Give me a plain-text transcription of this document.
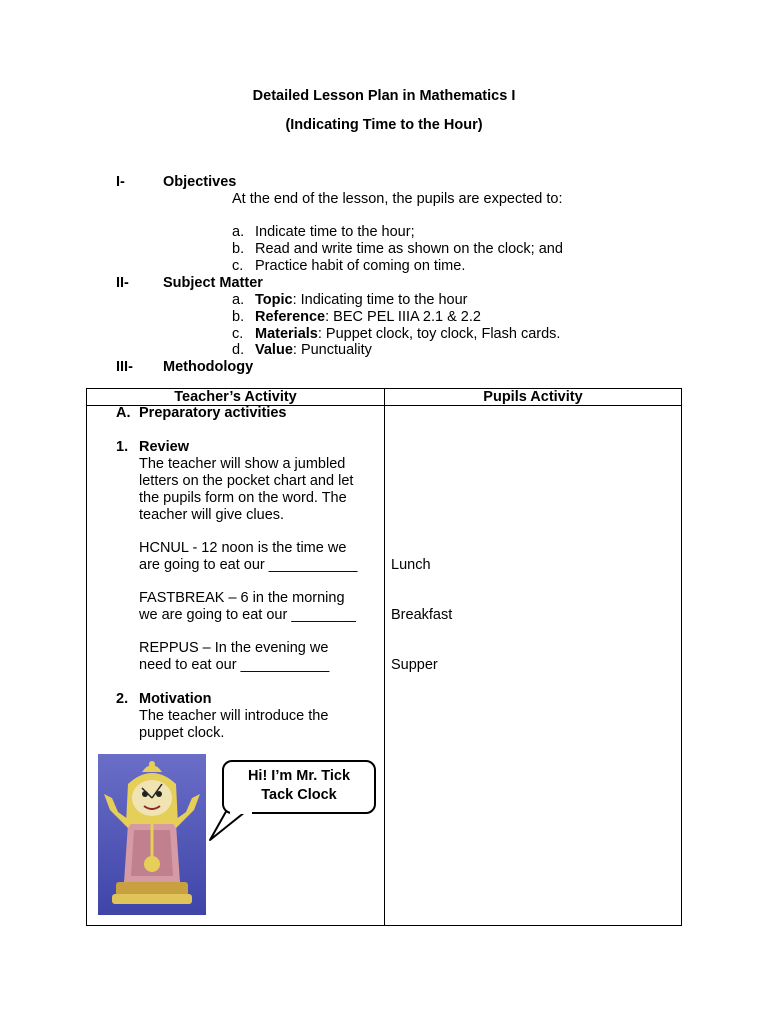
Detailed Lesson Plan in Mathematics I
(Indicating Time to the Hour)
I-	Objectives
At the end of the lesson, the pupils are expected to:
a. Indicate time to the hour;
b. Read and write time as shown on the clock; and
c. Practice habit of coming on time.
II- Subject Matter
a. Topic: Indicating time to the hour
b. Reference: BEC PEL IIIA 2.1 & 2.2
c. Materials: Puppet clock, toy clock, Flash cards.
d. Value: Punctuality
III- Methodology
Teacher’s Activity	Pupils Activity
A. Preparatory activities
1. Review
The teacher will show a jumbled
letters on the pocket chart and let
the pupils form on the word. The
teacher will give clues.
HCNUL - 12 noon is the time we
are going to eat our ___________ Lunch
FASTBREAK – 6 in the morning
we are going to eat our ________ Breakfast
REPPUS – In the evening we
need to eat our ___________	Supper
2. Motivation
The teacher will introduce the
puppet clock.
Hi! I’m Mr. Tick
Tack Clock
